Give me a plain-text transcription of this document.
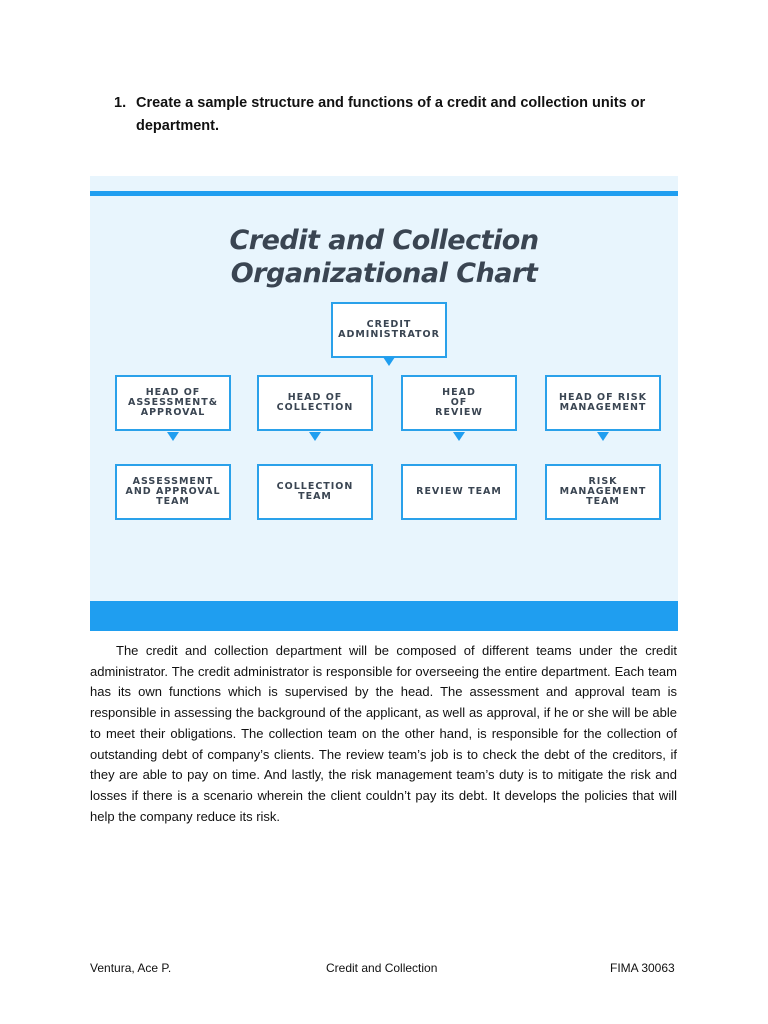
1. Create a sample structure and functions of a credit and collection units or department.
Credit and Collection
Organizational Chart
CREDIT ADMINISTRATOR
HEAD OF ASSESSMENT& APPROVAL
HEAD OF COLLECTION
HEAD OF REVIEW
HEAD OF RISK MANAGEMENT
ASSESSMENT AND APPROVAL TEAM
COLLECTION TEAM	REVIEW TEAM
RISK MANAGEMENT TEAM

The credit and collection department will be composed of different teams under the credit administrator. The credit administrator is responsible for overseeing the entire department. Each team has its own functions which is supervised by the head. The assessment and approval team is responsible in assessing the background of the applicant, as well as approval, if he or she will be able to meet their obligations. The collection team on the other hand, is responsible for the collection of outstanding debt of company’s clients. The review team’s job is to check the debt of the creditors, if they are able to pay on time. And lastly, the risk management team’s duty is to mitigate the risk and losses if there is a scenario wherein the client couldn’t pay its debt. It develops the policies that will help the company reduce its risk.

Ventura, Ace P.	Credit and Collection	FIMA 30063
